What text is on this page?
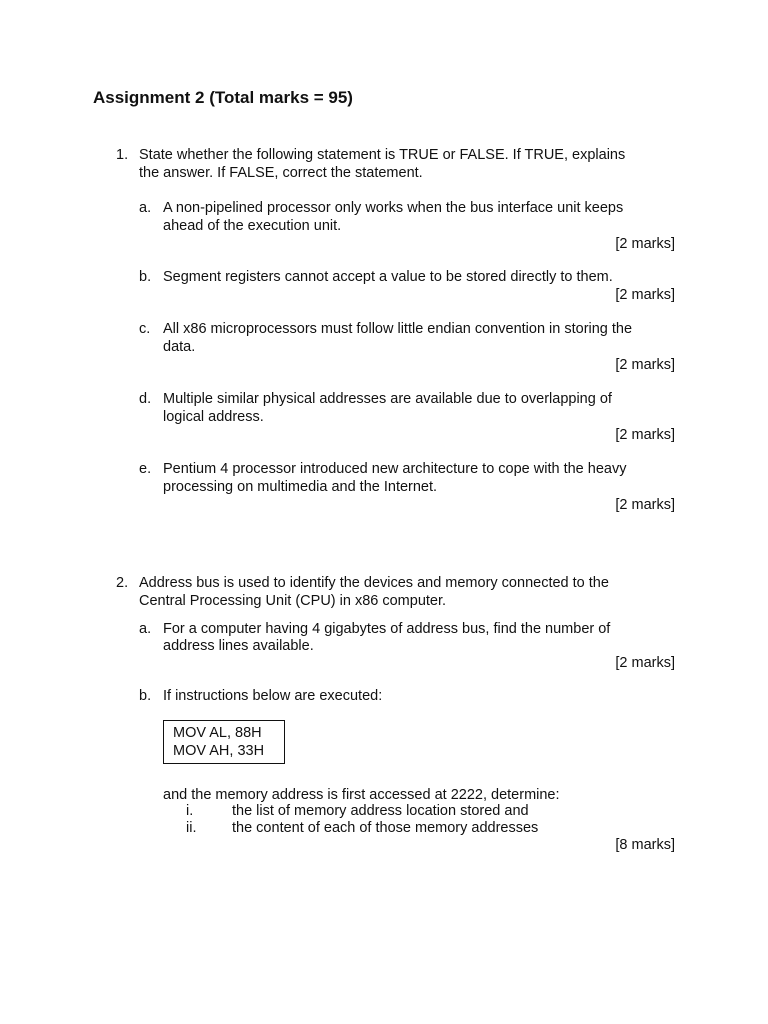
Assignment 2 (Total marks = 95)
1. State whether the following statement is TRUE or FALSE. If TRUE, explains
the answer. If FALSE, correct the statement.
a. A non-pipelined processor only works when the bus interface unit keeps
ahead of the execution unit.
[2 marks]
b. Segment registers cannot accept a value to be stored directly to them.
[2 marks]
c. All x86 microprocessors must follow little endian convention in storing the
data.
[2 marks]
d. Multiple similar physical addresses are available due to overlapping of
logical address.
[2 marks]
e. Pentium 4 processor introduced new architecture to cope with the heavy
processing on multimedia and the Internet.
[2 marks]
2. Address bus is used to identify the devices and memory connected to the
Central Processing Unit (CPU) in x86 computer.
a. For a computer having 4 gigabytes of address bus, find the number of
address lines available.
[2 marks]
b. If instructions below are executed:
MOV AL, 88H
MOV AH, 33H
and the memory address is first accessed at 2222, determine:
i.	the list of memory address location stored and
ii. the content of each of those memory addresses
[8 marks]
